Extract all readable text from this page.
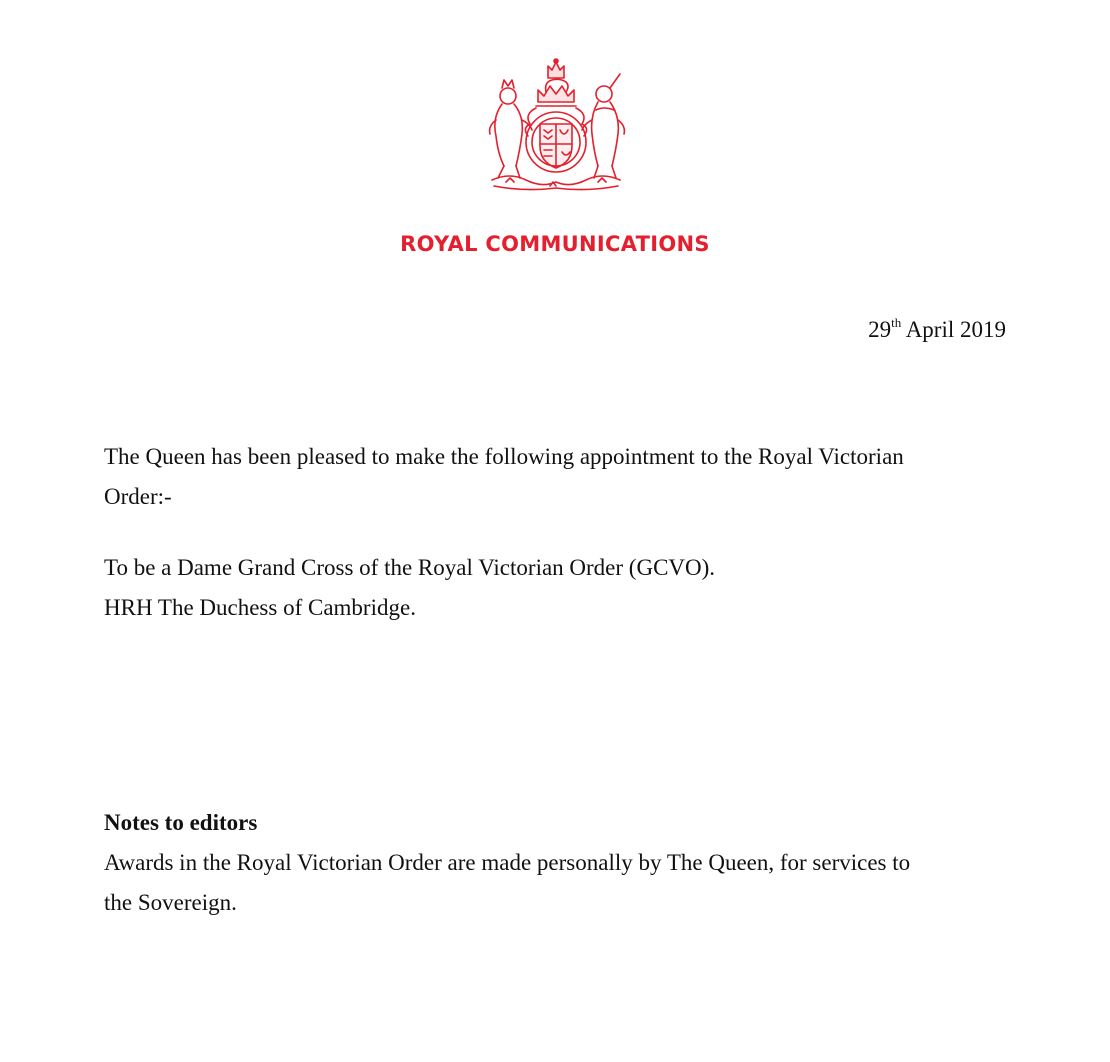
ROYAL COMMUNICATIONS
29th April 2019

The Queen has been pleased to make the following appointment to the Royal Victorian
Order:-

To be a Dame Grand Cross of the Royal Victorian Order (GCVO).
HRH The Duchess of Cambridge.

Notes to editors
Awards in the Royal Victorian Order are made personally by The Queen, for services to
the Sovereign.
